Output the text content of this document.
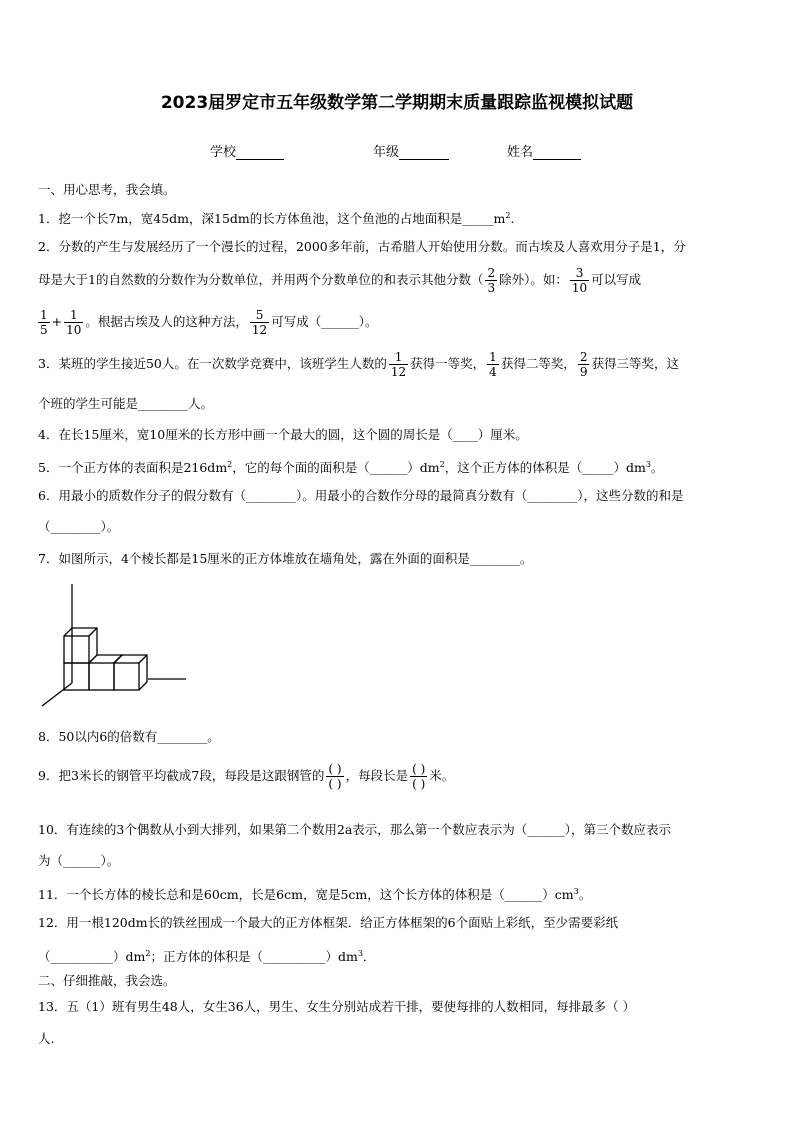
2023届罗定市五年级数学第二学期期末质量跟踪监视模拟试题
学校	年级	姓名
一、用心思考，我会填。
1．挖一个长7m，宽45dm，深15dm的长方体鱼池，这个鱼池的占地面积是$\_\_\_\_\_m^2$.
2．分数的产生与发展经历了一个漫长的过程，2000多年前，古希腊人开始使用分数。而古埃及人喜欢用分子是1，分
母是大于1的自然数的分数作为分数单位，并用两个分数单位的和表示其他分数（ $\frac{2}{3}$ 除外）。如： $\frac{3}{10}$ 可以写成
$\frac{1}{5} + \frac{1}{10}$ 。根据古埃及人的这种方法， $\frac{5}{12}$ 可写成（______）。
3．某班的学生接近50人。在一次数学竞赛中，该班学生人数的 $\frac{1}{12}$ 获得一等奖， $\frac{1}{4}$ 获得二等奖， $\frac{2}{9}$ 获得三等奖，这
个班的学生可能是________人。
4．在长15厘米，宽10厘米的长方形中画一个最大的圆，这个圆的周长是（____）厘米。
5．一个正方体的表面积是$216dm^2$，它的每个面的面积是$(\_\_\_\_\_\_)dm^2$，这个正方体的体积是$(\_\_\_\_\_)dm^3$。
6．用最小的质数作分子的假分数有（________）。用最小的合数作分母的最简真分数有（________），这些分数的和是
（________）。
7．如图所示，4个棱长都是15厘米的正方体堆放在墙角处，露在外面的面积是________。
8．50以内6的倍数有________。
9．把3米长的钢管平均截成7段，每段是这跟钢管的 $\frac{( )}{( )}$ ，每段长是 $\frac{( )}{( )}$ 米。
10．有连续的3个偶数从小到大排列，如果第二个数用2a表示，那么第一个数应表示为（______），第三个数应表示
为（______）。
11．一个长方体的棱长总和是60cm，长是6cm，宽是5cm，这个长方体的体积是$(\_\_\_\_\_\_)cm^3$。
12．用一根120dm长的铁丝围成一个最大的正方体框架．给正方体框架的6个面贴上彩纸，至少需要彩纸
$(\_\_\_\_\_\_\_\_\_\_)dm^2$；正方体的体积是$(\_\_\_\_\_\_\_\_\_\_)dm^3$．
二、仔细推敲，我会选。
13．五（1）班有男生48人，女生36人，男生、女生分别站成若干排，要使每排的人数相同，每排最多（ ）
人.
